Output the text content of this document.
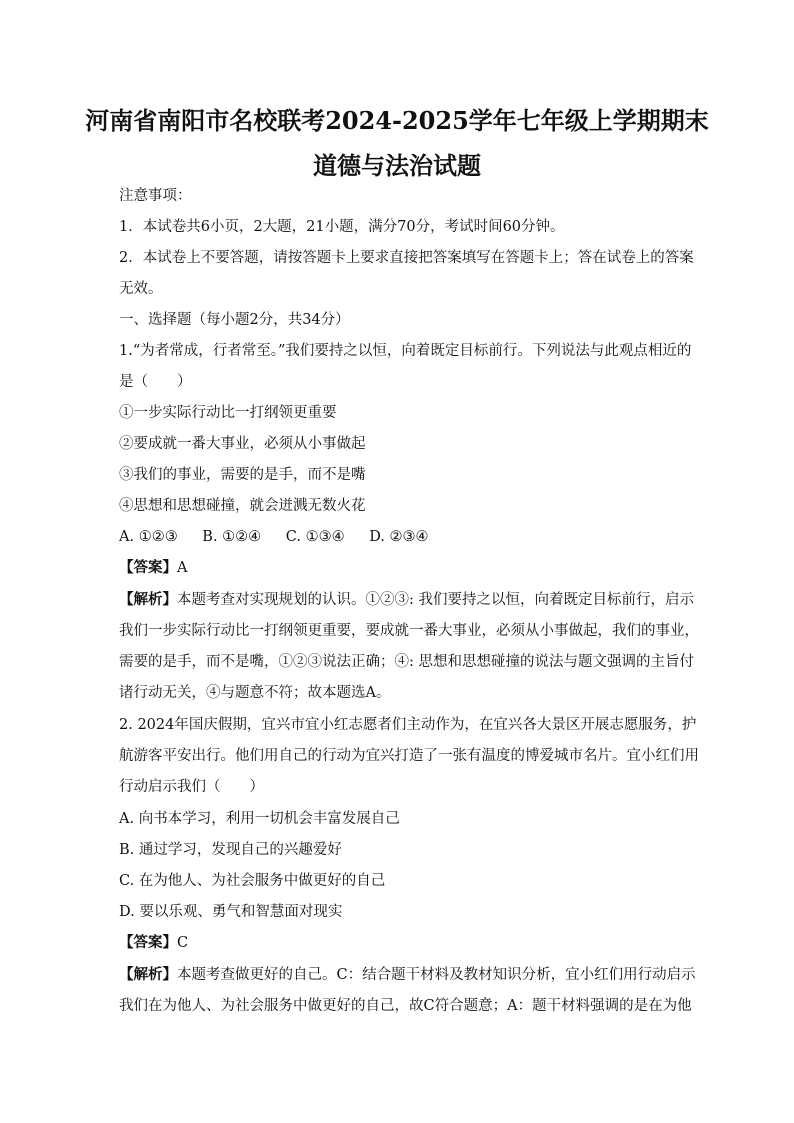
河南省南阳市名校联考2024-2025学年七年级上学期期末
道德与法治试题
注意事项：
1．本试卷共6小页，2大题，21小题，满分70分，考试时间60分钟。
2．本试卷上不要答题，请按答题卡上要求直接把答案填写在答题卡上；答在试卷上的答案
无效。
一、选择题（每小题2分，共34分）
1.“为者常成，行者常至。”我们要持之以恒，向着既定目标前行。下列说法与此观点相近的
是（　　）
①一步实际行动比一打纲领更重要
②要成就一番大事业，必须从小事做起
③我们的事业，需要的是手，而不是嘴
④思想和思想碰撞，就会迸溅无数火花
A. ①②③ B. ①②④ C. ①③④ D. ②③④
【答案】A
【解析】本题考查对实现规划的认识。①②③: 我们要持之以恒，向着既定目标前行，启示
我们一步实际行动比一打纲领更重要，要成就一番大事业，必须从小事做起，我们的事业，
需要的是手，而不是嘴，①②③说法正确；④: 思想和思想碰撞的说法与题文强调的主旨付
诸行动无关，④与题意不符；故本题选A。
2. 2024年国庆假期，宜兴市宜小红志愿者们主动作为，在宜兴各大景区开展志愿服务，护
航游客平安出行。他们用自己的行动为宜兴打造了一张有温度的博爱城市名片。宜小红们用
行动启示我们（　　）
A. 向书本学习，利用一切机会丰富发展自己
B. 通过学习，发现自己的兴趣爱好
C. 在为他人、为社会服务中做更好的自己
D. 要以乐观、勇气和智慧面对现实
【答案】C
【解析】本题考查做更好的自己。C：结合题干材料及教材知识分析，宜小红们用行动启示
我们在为他人、为社会服务中做更好的自己，故C符合题意；A：题干材料强调的是在为他
